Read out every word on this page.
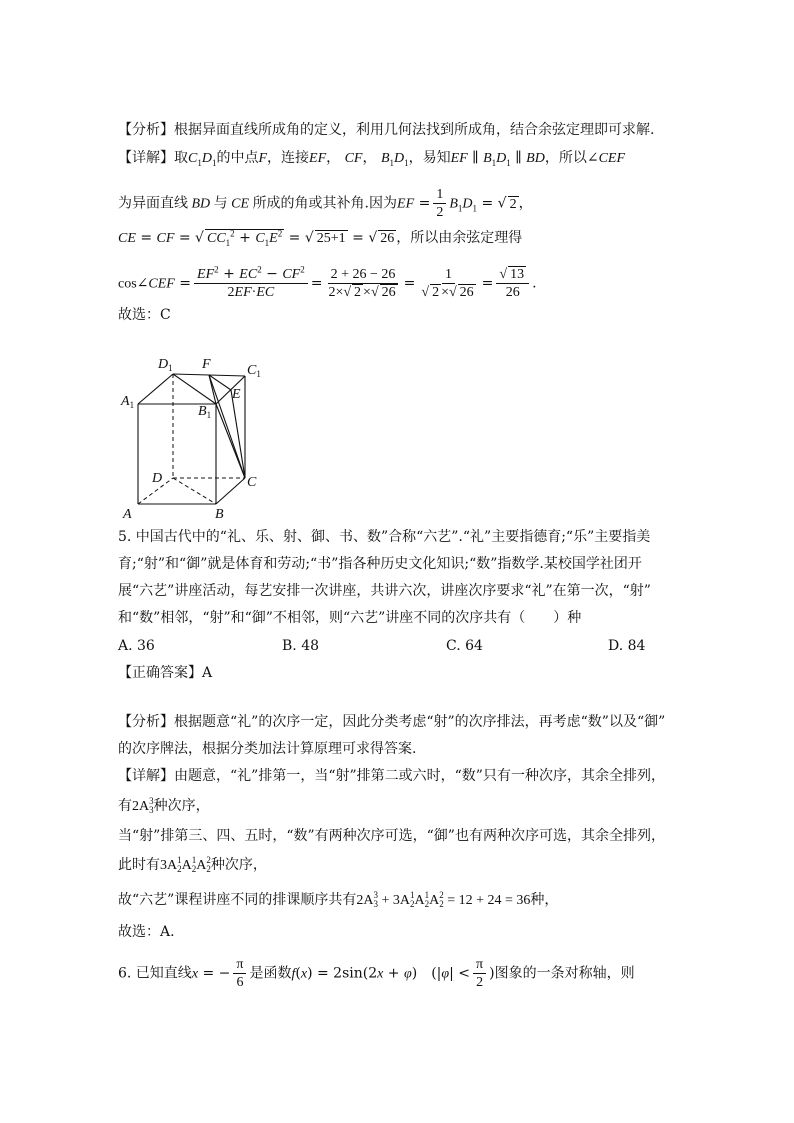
【分析】根据异面直线所成角的定义，利用几何法找到所成角，结合余弦定理即可求解.
【详解】取$C_1D_1$的中点F，连接EF， CF， $B_1D_1$，易知EF ∥ $B_1D_1$ ∥ BD，所以∠CEF
为异面直线 BD 与 CE 所成的角或其补角.因为EF = $\frac{1}{2} B_1D_1$ = √ 2 ，
CE = CF = √ $CC_1^2 + C_1E^2$ = √ 25+1 = √ 26 ，所以由余弦定理得
cos∠CEF = $\frac{EF^2 + EC^2 - CF^2}{2EF\cdot EC} = \frac{2 + 26 - 26}{2\times√ 2 \times√ 26} = \frac{1}{√ 2 \times√ 26} = \frac{√ 13}{26}$ .
故选：C
$D_1$ F	$C_1$
$A_1$	$B_1$
E
D	C
A	B
5. 中国古代中的“礼、乐、射、御、书、数”合称“六艺”.“礼”主要指德育;“乐”主要指美
育;“射”和“御”就是体育和劳动;“书”指各种历史文化知识;“数”指数学.某校国学社团开
展“六艺”讲座活动，每艺安排一次讲座，共讲六次，讲座次序要求“礼”在第一次，“射”
和“数”相邻，“射”和“御”不相邻，则“六艺”讲座不同的次序共有（　　）种
A. 36	B. 48	C. 64	D. 84
【正确答案】A
【分析】根据题意“礼”的次序一定，因此分类考虑“射”的次序排法，再考虑“数”以及“御”
的次序牌法，根据分类加法计算原理可求得答案.
【详解】由题意，“礼”排第一，当“射”排第二或六时，“数”只有一种次序，其余全排列，
有2A3
3种次序，
当“射”排第三、四、五时，“数”有两种次序可选，“御”也有两种次序可选，其余全排列，
此时有3A1
2A1
2A2
2种次序，
故“六艺”课程讲座不同的排课顺序共有2A3
3 + 3A1
2A1
2A2
2 = 12 + 24 = 36种，
故选：A.
6. 已知直线x = − $\frac{\pi}{6}$ 是函数f(x) = 2sin(2x + φ)　($|\varphi| < \frac{\pi}{2}$ )图象的一条对称轴，则
